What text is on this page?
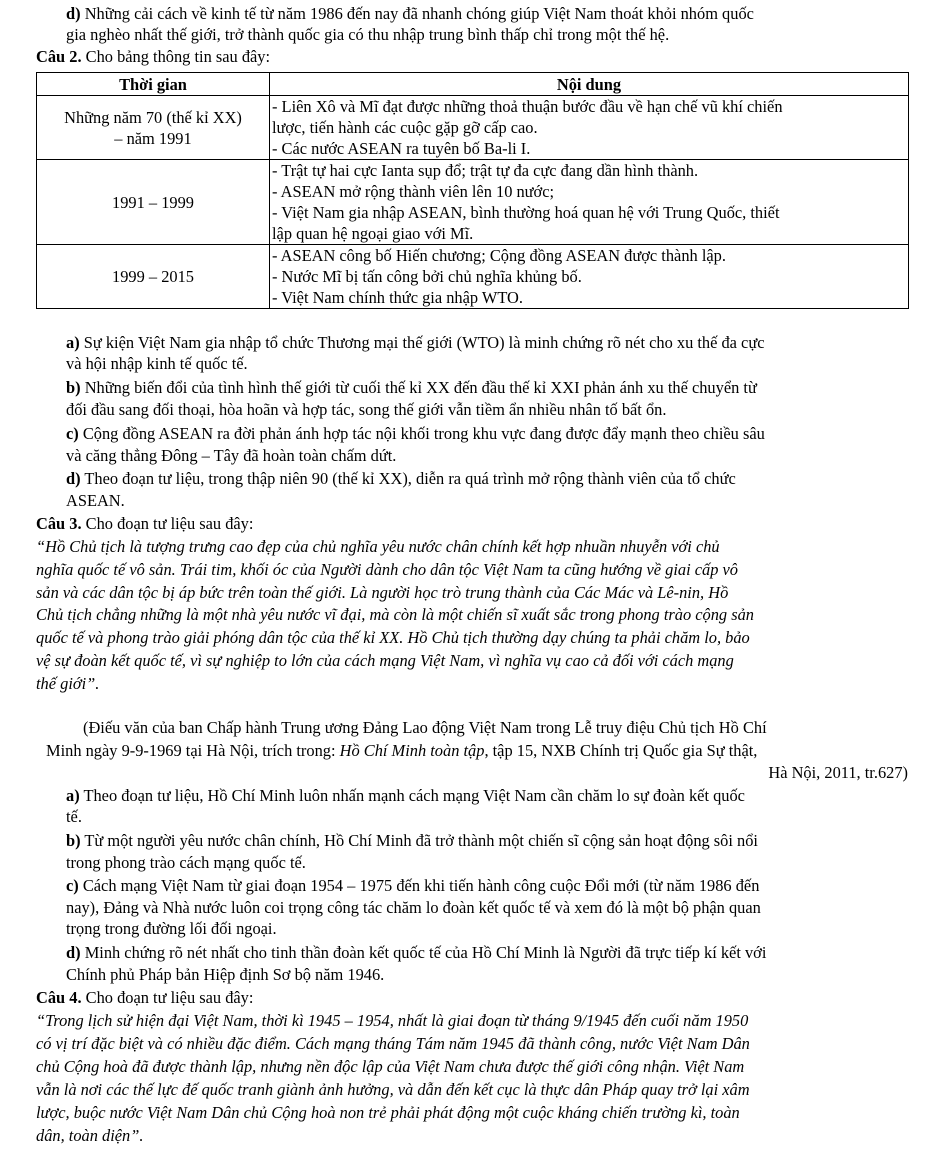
d) Những cải cách về kinh tế từ năm 1986 đến nay đã nhanh chóng giúp Việt Nam thoát khỏi nhóm quốc
gia nghèo nhất thế giới, trở thành quốc gia có thu nhập trung bình thấp chỉ trong một thế hệ.
Câu 2. Cho bảng thông tin sau đây:
Thời gian	Nội dung

Những năm 70 (thế kỉ XX)
– năm 1991	- Liên Xô và Mĩ đạt được những thoả thuận bước đầu về hạn chế vũ khí chiến
lược, tiến hành các cuộc gặp gỡ cấp cao.
- Các nước ASEAN ra tuyên bố Ba-li I.

1991 – 1999	- Trật tự hai cực Ianta sụp đổ; trật tự đa cực đang dần hình thành.
- ASEAN mở rộng thành viên lên 10 nước;
- Việt Nam gia nhập ASEAN, bình thường hoá quan hệ với Trung Quốc, thiết
lập quan hệ ngoại giao với Mĩ.

1999 – 2015	- ASEAN công bố Hiến chương; Cộng đồng ASEAN được thành lập.
- Nước Mĩ bị tấn công bởi chủ nghĩa khủng bố.
- Việt Nam chính thức gia nhập WTO.
a) Sự kiện Việt Nam gia nhập tổ chức Thương mại thế giới (WTO) là minh chứng rõ nét cho xu thế đa cực
và hội nhập kinh tế quốc tế.
b) Những biến đổi của tình hình thế giới từ cuối thế kỉ XX đến đầu thế kỉ XXI phản ánh xu thế chuyển từ
đối đầu sang đối thoại, hòa hoãn và hợp tác, song thế giới vẫn tiềm ẩn nhiều nhân tố bất ổn.
c) Cộng đồng ASEAN ra đời phản ánh hợp tác nội khối trong khu vực đang được đẩy mạnh theo chiều sâu
và căng thẳng Đông – Tây đã hoàn toàn chấm dứt.
d) Theo đoạn tư liệu, trong thập niên 90 (thế kỉ XX), diễn ra quá trình mở rộng thành viên của tổ chức
ASEAN.
Câu 3. Cho đoạn tư liệu sau đây:
“Hồ Chủ tịch là tượng trưng cao đẹp của chủ nghĩa yêu nước chân chính kết hợp nhuần nhuyễn với chủ
nghĩa quốc tế vô sản. Trái tim, khối óc của Người dành cho dân tộc Việt Nam ta cũng hướng về giai cấp vô
sản và các dân tộc bị áp bức trên toàn thế giới. Là người học trò trung thành của Các Mác và Lê-nin, Hồ
Chủ tịch chẳng những là một nhà yêu nước vĩ đại, mà còn là một chiến sĩ xuất sắc trong phong trào cộng sản
quốc tế và phong trào giải phóng dân tộc của thế kỉ XX. Hồ Chủ tịch thường dạy chúng ta phải chăm lo, bảo
vệ sự đoàn kết quốc tế, vì sự nghiệp to lớn của cách mạng Việt Nam, vì nghĩa vụ cao cả đối với cách mạng
thế giới”.
(Điếu văn của ban Chấp hành Trung ương Đảng Lao động Việt Nam trong Lễ truy điệu Chủ tịch Hồ Chí
Minh ngày 9-9-1969 tại Hà Nội, trích trong: Hồ Chí Minh toàn tập, tập 15, NXB Chính trị Quốc gia Sự thật,
Hà Nội, 2011, tr.627)
a) Theo đoạn tư liệu, Hồ Chí Minh luôn nhấn mạnh cách mạng Việt Nam cần chăm lo sự đoàn kết quốc
tế.
b) Từ một người yêu nước chân chính, Hồ Chí Minh đã trở thành một chiến sĩ cộng sản hoạt động sôi nổi
trong phong trào cách mạng quốc tế.
c) Cách mạng Việt Nam từ giai đoạn 1954 – 1975 đến khi tiến hành công cuộc Đổi mới (từ năm 1986 đến
nay), Đảng và Nhà nước luôn coi trọng công tác chăm lo đoàn kết quốc tế và xem đó là một bộ phận quan
trọng trong đường lối đối ngoại.
d) Minh chứng rõ nét nhất cho tinh thần đoàn kết quốc tế của Hồ Chí Minh là Người đã trực tiếp kí kết với
Chính phủ Pháp bản Hiệp định Sơ bộ năm 1946.
Câu 4. Cho đoạn tư liệu sau đây:
“Trong lịch sử hiện đại Việt Nam, thời kì 1945 – 1954, nhất là giai đoạn từ tháng 9/1945 đến cuối năm 1950
có vị trí đặc biệt và có nhiều đặc điểm. Cách mạng tháng Tám năm 1945 đã thành công, nước Việt Nam Dân
chủ Cộng hoà đã được thành lập, nhưng nền độc lập của Việt Nam chưa được thế giới công nhận. Việt Nam
vẫn là nơi các thế lực đế quốc tranh giành ảnh hưởng, và dẫn đến kết cục là thực dân Pháp quay trở lại xâm
lược, buộc nước Việt Nam Dân chủ Cộng hoà non trẻ phải phát động một cuộc kháng chiến trường kì, toàn
dân, toàn diện”.
